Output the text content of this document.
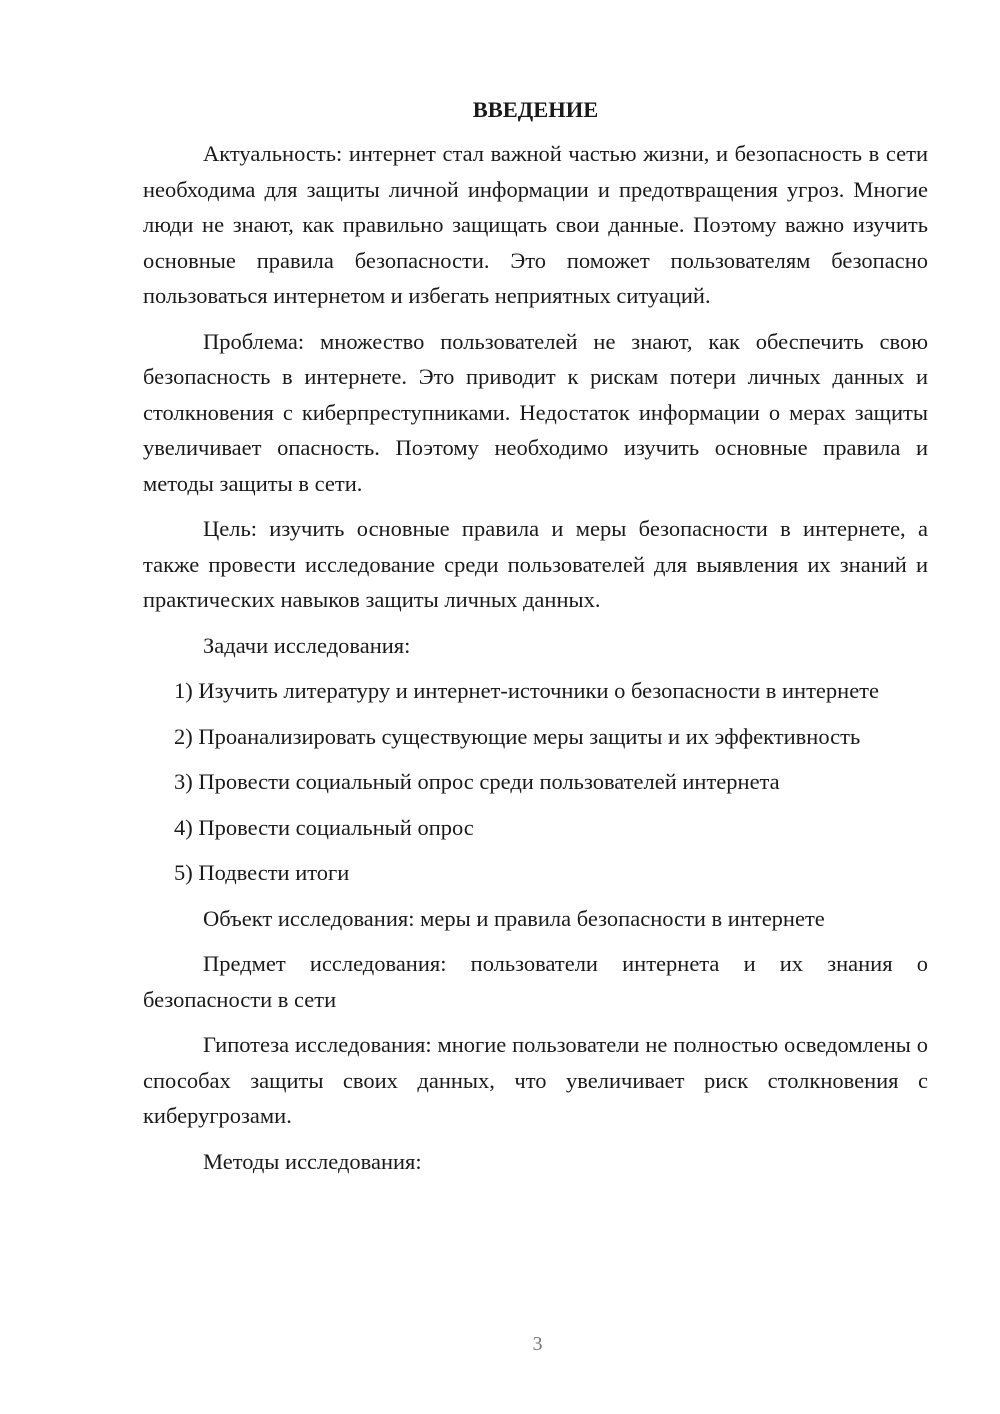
ВВЕДЕНИЕ

Актуальность: интернет стал важной частью жизни, и безопасность в сети необходима для защиты личной информации и предотвращения угроз. Многие люди не знают, как правильно защищать свои данные. Поэтому важно изучить основные правила безопасности. Это поможет пользователям безопасно пользоваться интернетом и избегать неприятных ситуаций.

Проблема: множество пользователей не знают, как обеспечить свою безопасность в интернете. Это приводит к рискам потери личных данных и столкновения с киберпреступниками. Недостаток информации о мерах защиты увеличивает опасность. Поэтому необходимо изучить основные правила и методы защиты в сети.

Цель: изучить основные правила и меры безопасности в интернете, а также провести исследование среди пользователей для выявления их знаний и практических навыков защиты личных данных.

Задачи исследования:

1) Изучить литературу и интернет-источники о безопасности в интернете

2) Проанализировать существующие меры защиты и их эффективность

3) Провести социальный опрос среди пользователей интернета

4) Провести социальный опрос

5) Подвести итоги

Объект исследования: меры и правила безопасности в интернете

Предмет исследования: пользователи интернета и их знания о безопасности в сети

Гипотеза исследования: многие пользователи не полностью осведомлены о способах защиты своих данных, что увеличивает риск столкновения с киберугрозами.

Методы исследования:

3
